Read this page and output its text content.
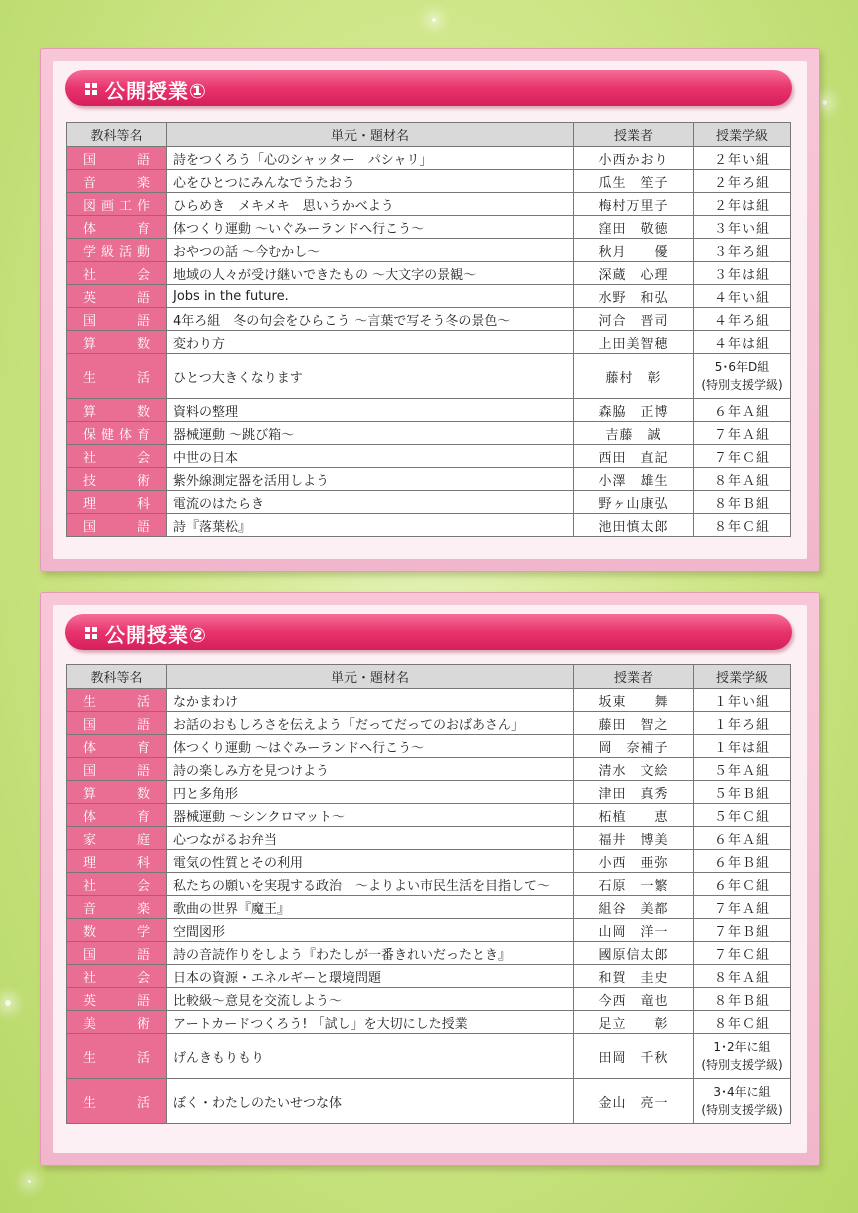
公開授業①
教科等名	単元・題材名	授業者	授業学級
国語	詩をつくろう「心のシャッター　パシャリ」	小西かおり	２年い組
音楽	心をひとつにみんなでうたおう	瓜生　笙子	２年ろ組
図画工作	ひらめき　メキメキ　思いうかべよう	梅村万里子	２年は組
体育	体つくり運動 ～いぐみーランドへ行こう～	窪田　敬徳	３年い組
学級活動	おやつの話 ～今むかし～	秋月　　優	３年ろ組
社会	地域の人々が受け継いできたもの ～大文字の景観～	深蔵　心理	３年は組
英語	Jobs in the future.	水野　和弘	４年い組
国語	4年ろ組　冬の句会をひらこう ～言葉で写そう冬の景色～	河合　晋司	４年ろ組
算数	変わり方	上田美智穂	４年は組
生活	ひとつ大きくなります	藤村　彰	5･6年D組
(特別支援学級)

算数	資料の整理	森脇　正博	６年Ａ組
保健体育	器械運動 ～跳び箱～	吉藤　誠	７年Ａ組
社会	中世の日本	西田　直記	７年Ｃ組
技術	紫外線測定器を活用しよう	小澤　雄生	８年Ａ組
理科	電流のはたらき	野ヶ山康弘	８年Ｂ組
国語	詩『落葉松』	池田慎太郎	８年Ｃ組
公開授業②
教科等名	単元・題材名	授業者	授業学級
生活	なかまわけ	坂東　　舞	１年い組
国語	お話のおもしろさを伝えよう「だってだってのおばあさん」	藤田　智之	１年ろ組
体育	体つくり運動 ～はぐみーランドへ行こう～	岡　奈補子	１年は組
国語	詩の楽しみ方を見つけよう	清水　文絵	５年Ａ組
算数	円と多角形	津田　真秀	５年Ｂ組
体育	器械運動 ～シンクロマット～	柘植　　恵	５年Ｃ組
家庭	心つながるお弁当	福井　博美	６年Ａ組
理科	電気の性質とその利用	小西　亜弥	６年Ｂ組
社会	私たちの願いを実現する政治　～よりよい市民生活を目指して～	石原　一繁	６年Ｃ組
音楽	歌曲の世界『魔王』	組谷　美都	７年Ａ組
数学	空間図形	山岡　洋一	７年Ｂ組
国語	詩の音読作りをしよう『わたしが一番きれいだったとき』	國原信太郎	７年Ｃ組
社会	日本の資源・エネルギーと環境問題	和賀　圭史	８年Ａ組
英語	比較級～意見を交流しよう～	今西　竜也	８年Ｂ組
美術	アートカードつくろう! 「試し」を大切にした授業	足立　　彰	８年Ｃ組
生活	げんきもりもり	田岡　千秋	1･2年に組
(特別支援学級)

生活	ぼく・わたしのたいせつな体	金山　亮一	3･4年に組
(特別支援学級)
